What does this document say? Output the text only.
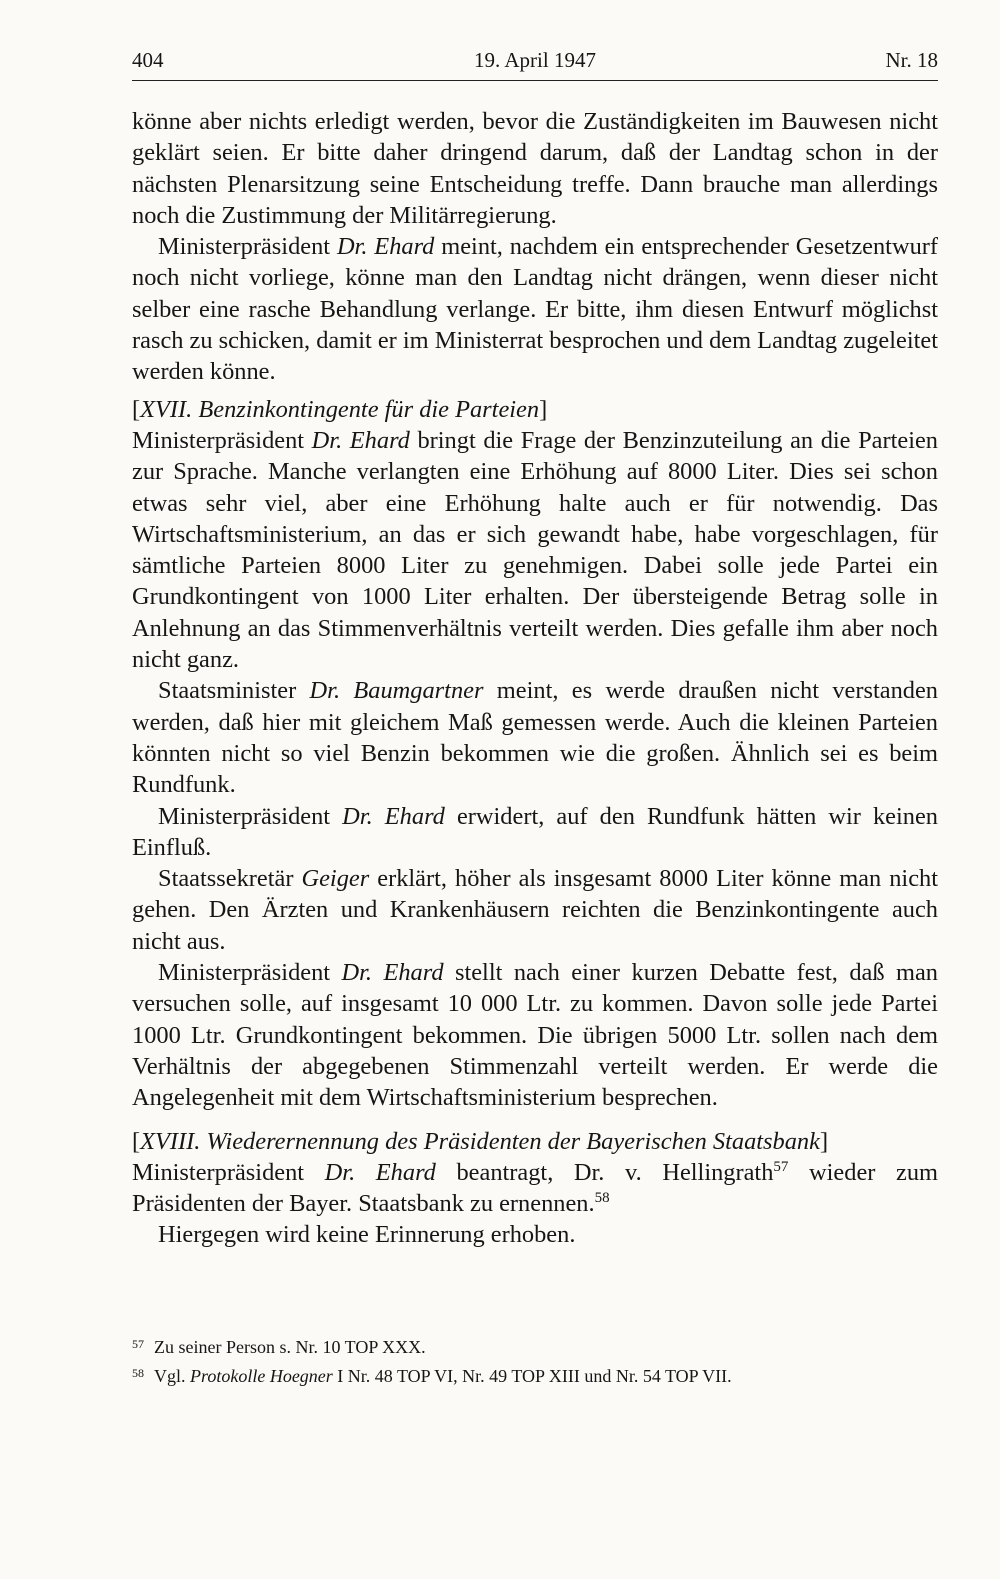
404	19. April 1947	Nr. 18

könne aber nichts erledigt werden, bevor die Zuständigkeiten im Bauwesen nicht geklärt seien. Er bitte daher dringend darum, daß der Landtag schon in der nächsten Plenarsitzung seine Entscheidung treffe. Dann brauche man allerdings noch die Zustimmung der Militärregierung.

Ministerpräsident Dr. Ehard meint, nachdem ein entsprechender Gesetzentwurf noch nicht vorliege, könne man den Landtag nicht drängen, wenn dieser nicht selber eine rasche Behandlung verlange. Er bitte, ihm diesen Entwurf möglichst rasch zu schicken, damit er im Ministerrat besprochen und dem Landtag zugeleitet werden könne.

[XVII. Benzinkontingente für die Parteien]

Ministerpräsident Dr. Ehard bringt die Frage der Benzinzuteilung an die Parteien zur Sprache. Manche verlangten eine Erhöhung auf 8000 Liter. Dies sei schon etwas sehr viel, aber eine Erhöhung halte auch er für notwendig. Das Wirtschaftsministerium, an das er sich gewandt habe, habe vorgeschlagen, für sämtliche Parteien 8000 Liter zu genehmigen. Dabei solle jede Partei ein Grundkontingent von 1000 Liter erhalten. Der übersteigende Betrag solle in Anlehnung an das Stimmenverhältnis verteilt werden. Dies gefalle ihm aber noch nicht ganz.

Staatsminister Dr. Baumgartner meint, es werde draußen nicht verstanden werden, daß hier mit gleichem Maß gemessen werde. Auch die kleinen Parteien könnten nicht so viel Benzin bekommen wie die großen. Ähnlich sei es beim Rundfunk.

Ministerpräsident Dr. Ehard erwidert, auf den Rundfunk hätten wir keinen Einfluß.

Staatssekretär Geiger erklärt, höher als insgesamt 8000 Liter könne man nicht gehen. Den Ärzten und Krankenhäusern reichten die Benzinkontingente auch nicht aus.

Ministerpräsident Dr. Ehard stellt nach einer kurzen Debatte fest, daß man versuchen solle, auf insgesamt 10 000 Ltr. zu kommen. Davon solle jede Partei 1000 Ltr. Grundkontingent bekommen. Die übrigen 5000 Ltr. sollen nach dem Verhältnis der abgegebenen Stimmenzahl verteilt werden. Er werde die Angelegenheit mit dem Wirtschaftsministerium besprechen.

[XVIII. Wiederernennung des Präsidenten der Bayerischen Staatsbank]

Ministerpräsident Dr. Ehard beantragt, Dr. v. Hellingrath$^{57}$ wieder zum Präsidenten der Bayer. Staatsbank zu ernennen.$^{58}$

Hiergegen wird keine Erinnerung erhoben.

$^{57}$ Zu seiner Person s. Nr. 10 TOP XXX.

$^{58}$ Vgl. Protokolle Hoegner I Nr. 48 TOP VI, Nr. 49 TOP XIII und Nr. 54 TOP VII.
